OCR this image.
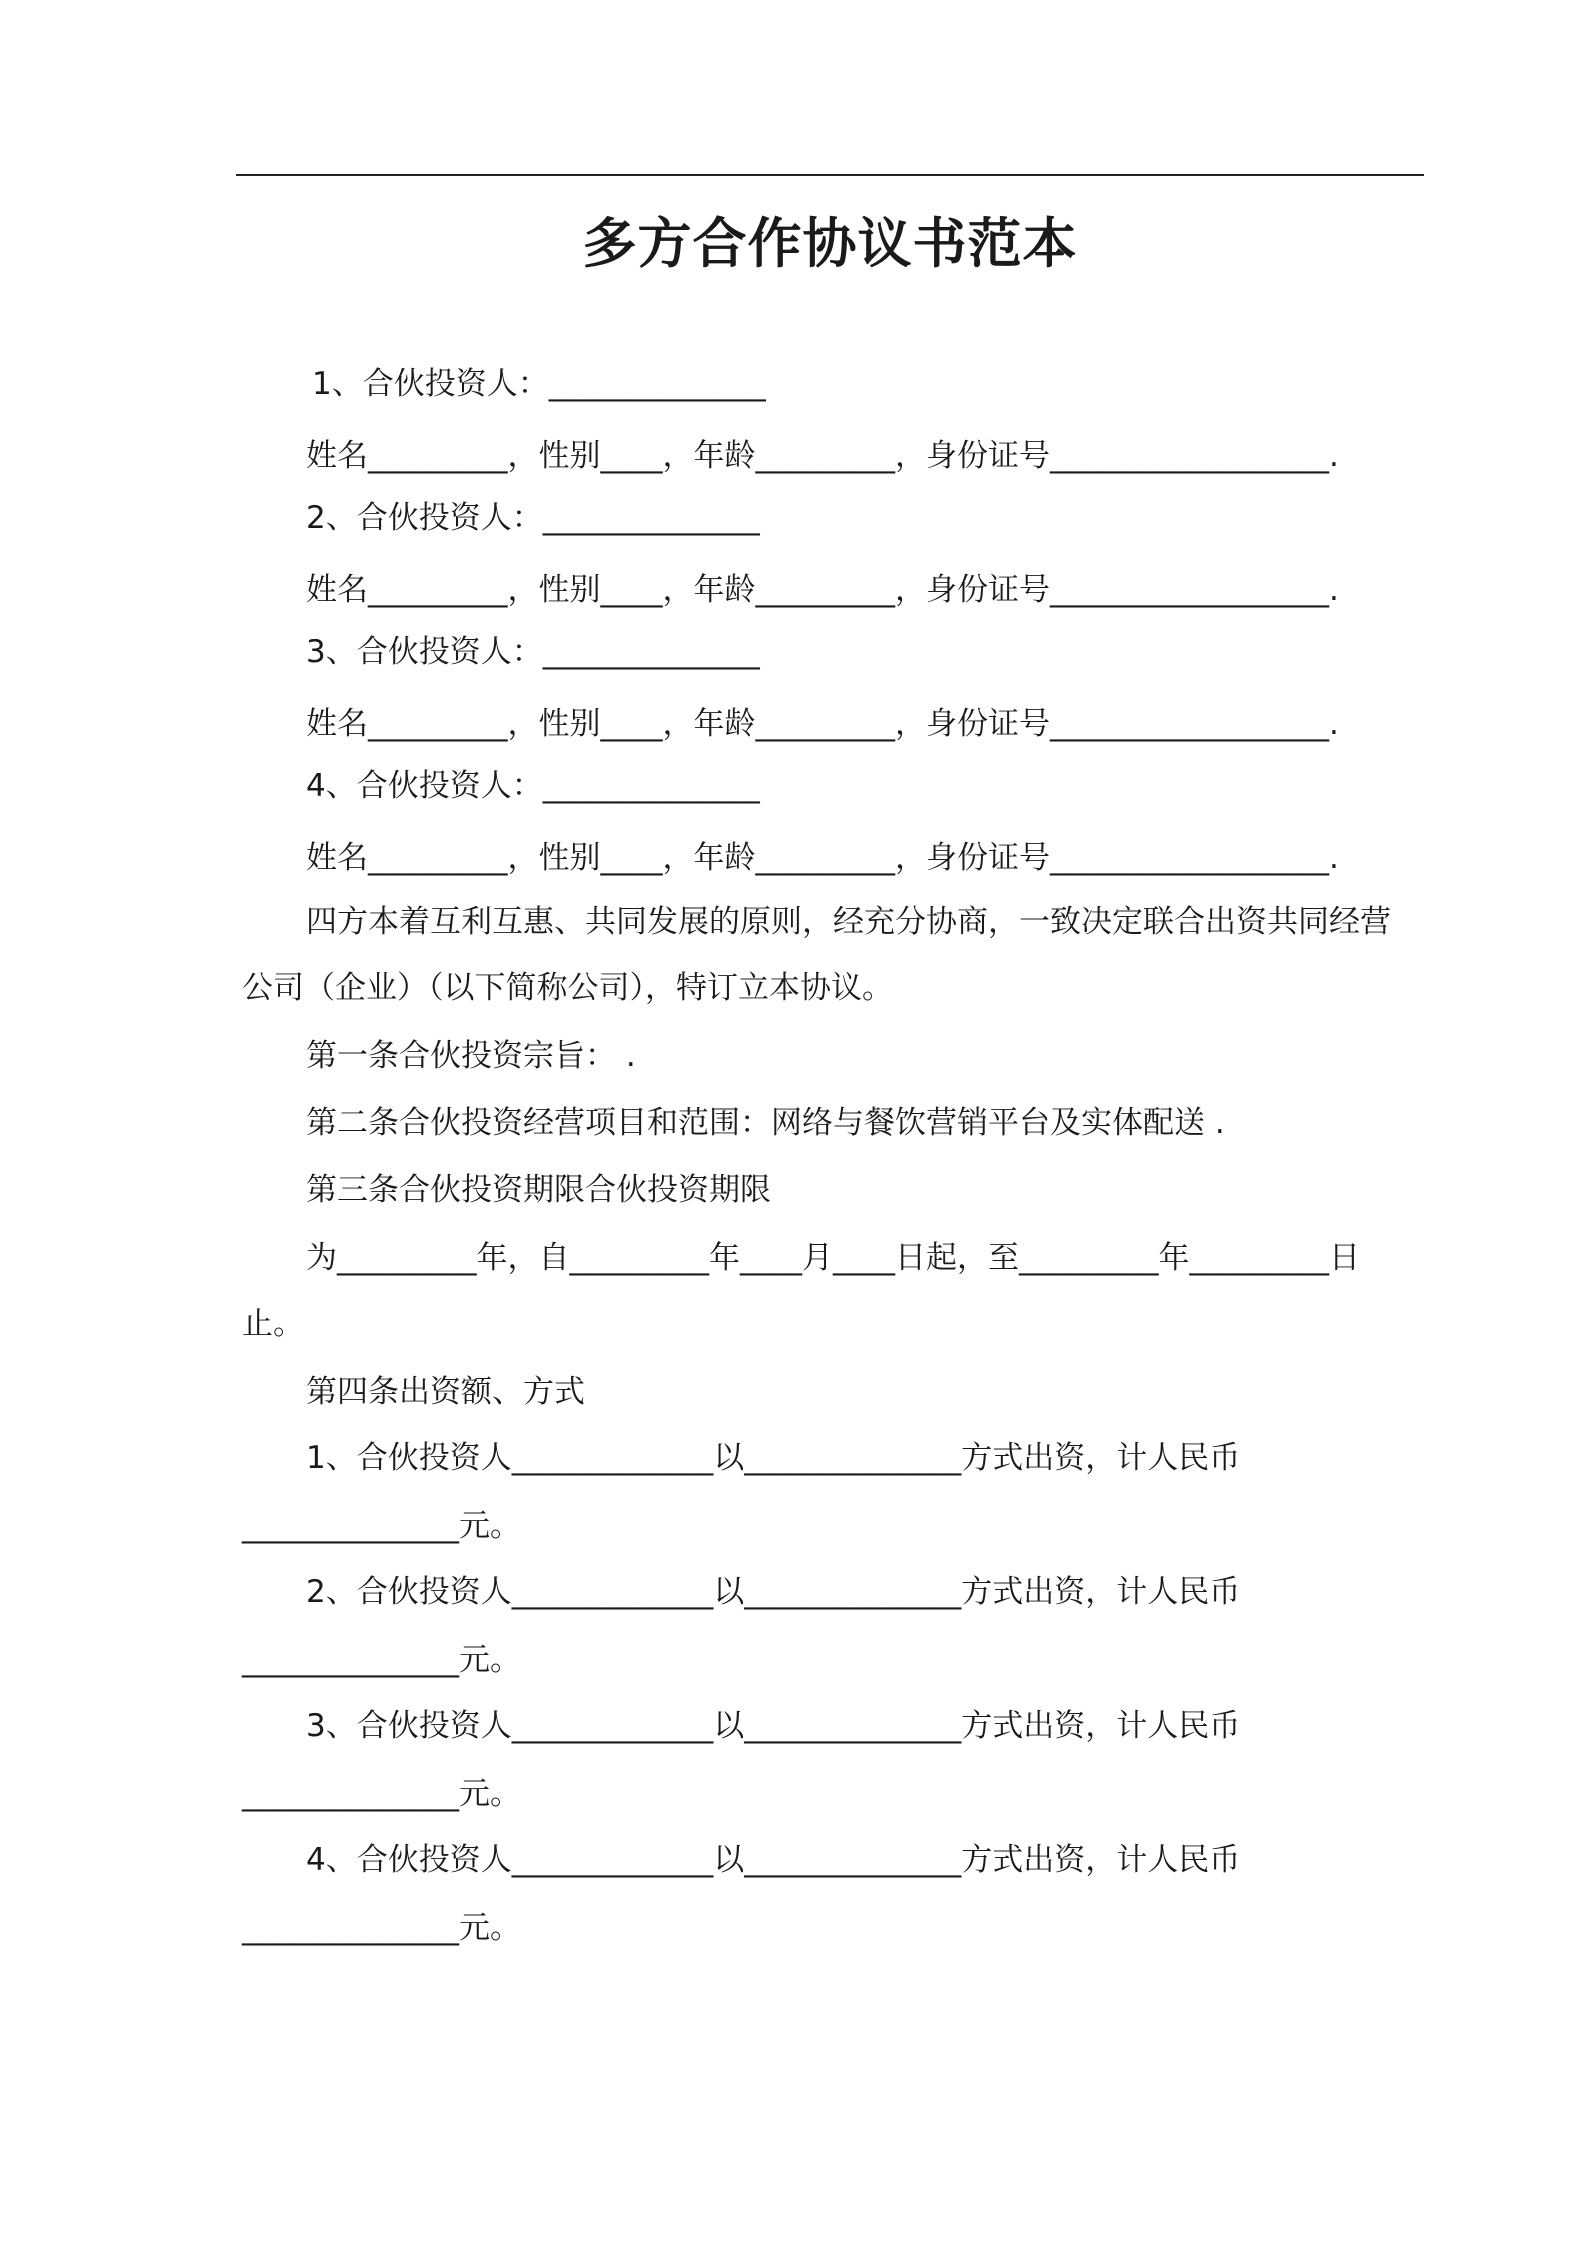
多方合作协议书范本
1、合伙投资人：______________
姓名_________，性别____，年龄_________，身份证号__________________.
2、合伙投资人：______________
姓名_________，性别____，年龄_________，身份证号__________________.
3、合伙投资人：______________
姓名_________，性别____，年龄_________，身份证号__________________.
4、合伙投资人：______________
姓名_________，性别____，年龄_________，身份证号__________________.
四方本着互利互惠、共同发展的原则，经充分协商，一致决定联合出资共同经营
公司（企业）（以下简称公司），特订立本协议。
第一条合伙投资宗旨： .
第二条合伙投资经营项目和范围：网络与餐饮营销平台及实体配送 .
第三条合伙投资期限合伙投资期限
为_________年，自_________年____月____日起，至_________年_________日
止。
第四条出资额、方式
1、合伙投资人_____________以______________方式出资，计人民币
______________元。
2、合伙投资人_____________以______________方式出资，计人民币
______________元。
3、合伙投资人_____________以______________方式出资，计人民币
______________元。
4、合伙投资人_____________以______________方式出资，计人民币
______________元。
